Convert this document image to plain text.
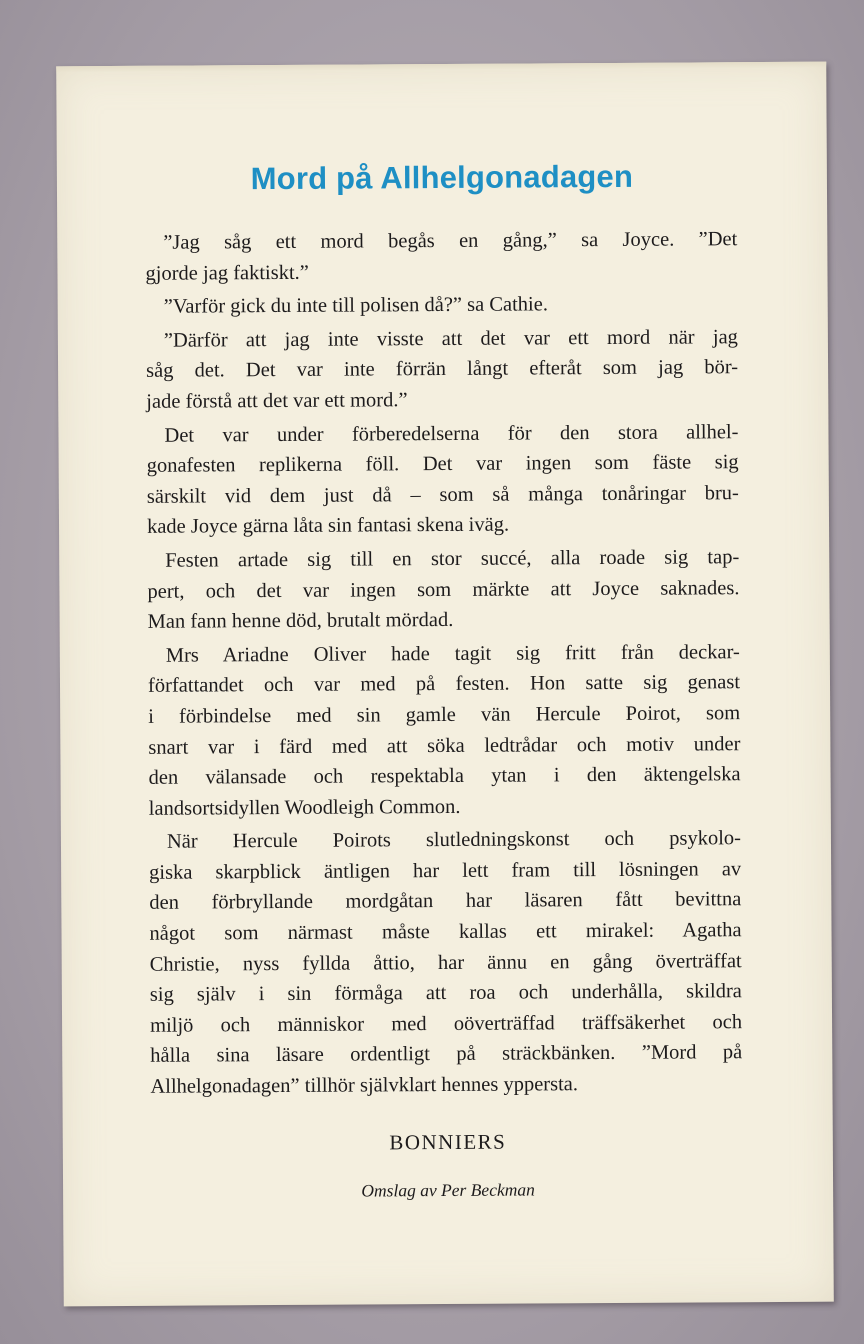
Mord på Allhelgonadagen
”Jag såg ett mord begås en gång,” sa Joyce. ”Det
gjorde jag faktiskt.”
”Varför gick du inte till polisen då?” sa Cathie.
”Därför att jag inte visste att det var ett mord när jag
såg det. Det var inte förrän långt efteråt som jag bör-
jade förstå att det var ett mord.”
Det var under förberedelserna för den stora allhel-
gonafesten replikerna föll. Det var ingen som fäste sig
särskilt vid dem just då – som så många tonåringar bru-
kade Joyce gärna låta sin fantasi skena iväg.
Festen artade sig till en stor succé, alla roade sig tap-
pert, och det var ingen som märkte att Joyce saknades.
Man fann henne död, brutalt mördad.
Mrs Ariadne Oliver hade tagit sig fritt från deckar-
författandet och var med på festen. Hon satte sig genast
i förbindelse med sin gamle vän Hercule Poirot, som
snart var i färd med att söka ledtrådar och motiv under
den välansade och respektabla ytan i den äktengelska
landsortsidyllen Woodleigh Common.
När Hercule Poirots slutledningskonst och psykolo-
giska skarpblick äntligen har lett fram till lösningen av
den förbryllande mordgåtan har läsaren fått bevittna
något som närmast måste kallas ett mirakel: Agatha
Christie, nyss fyllda åttio, har ännu en gång överträffat
sig själv i sin förmåga att roa och underhålla, skildra
miljö och människor med oöverträffad träffsäkerhet och
hålla sina läsare ordentligt på sträckbänken. ”Mord på
Allhelgonadagen” tillhör självklart hennes yppersta.
BONNIERS
Omslag av Per Beckman
